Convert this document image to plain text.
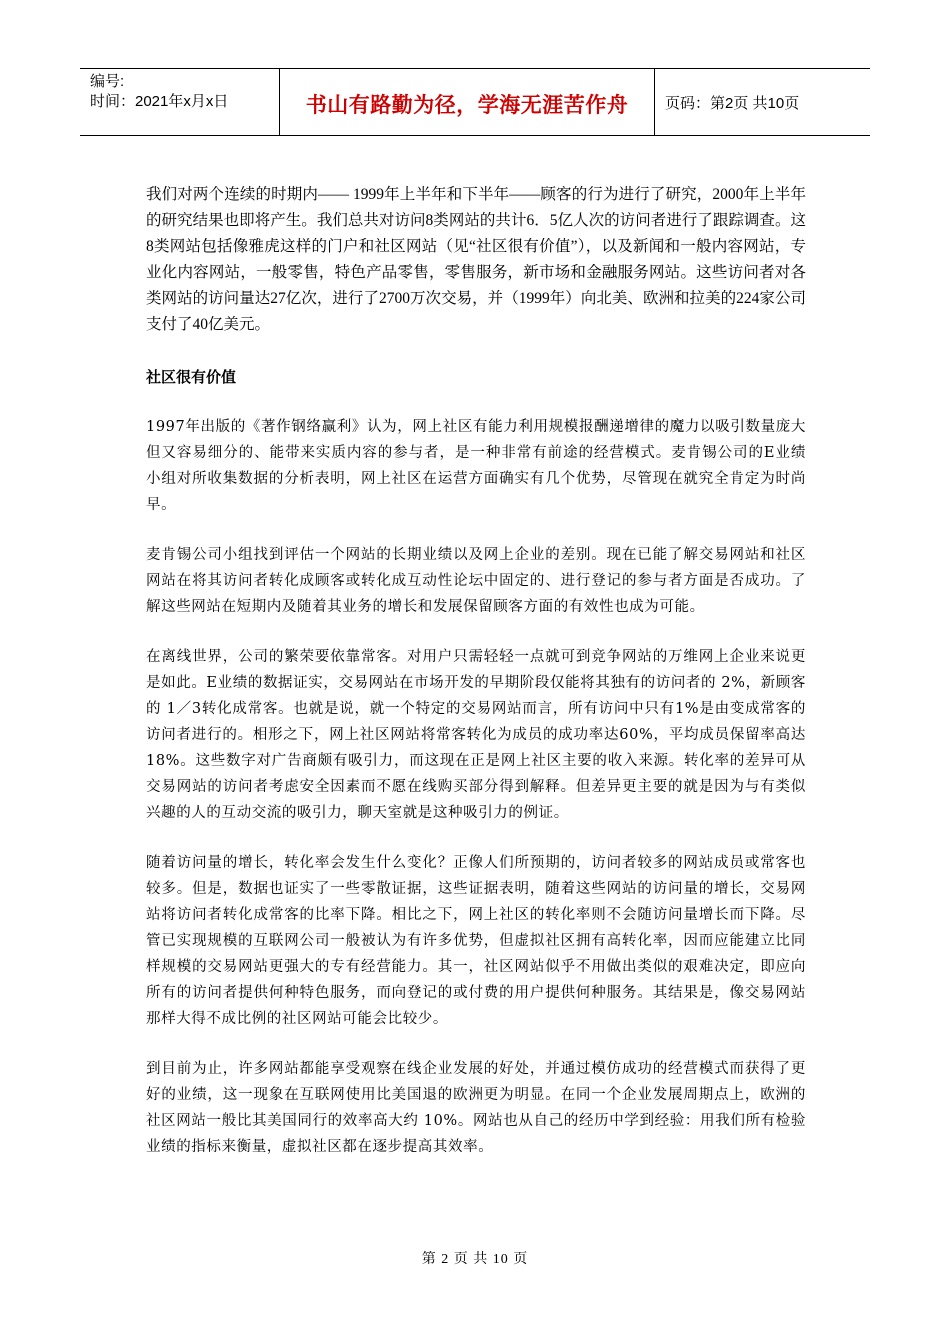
编号:
时间：2021年x月x日	书山有路勤为径，学海无涯苦作舟	页码：第2页 共10页

我们对两个连续的时期内—— 1999年上半年和下半年——顾客的行为进行了研究，2000年上半年的研究结果也即将产生。我们总共对访问8类网站的共计6．5亿人次的访问者进行了跟踪调查。这8类网站包括像雅虎这样的门户和社区网站（见“社区很有价值”），以及新闻和一般内容网站，专业化内容网站，一般零售，特色产品零售，零售服务，新市场和金融服务网站。这些访问者对各类网站的访问量达27亿次，进行了2700万次交易，并（1999年）向北美、欧洲和拉美的224家公司支付了40亿美元。

社区很有价值

1997年出版的《著作钢络赢利》认为，网上社区有能力利用规模报酬递增律的魔力以吸引数量庞大但又容易细分的、能带来实质内容的参与者，是一种非常有前途的经营模式。麦肯锡公司的E业绩小组对所收集数据的分析表明，网上社区在运营方面确实有几个优势，尽管现在就究全肯定为时尚早。

麦肯锡公司小组找到评估一个网站的长期业绩以及网上企业的差别。现在已能了解交易网站和社区网站在将其访问者转化成顾客或转化成互动性论坛中固定的、进行登记的参与者方面是否成功。了解这些网站在短期内及随着其业务的增长和发展保留顾客方面的有效性也成为可能。

在离线世界，公司的繁荣要依靠常客。对用户只需轻轻一点就可到竞争网站的万维网上企业来说更是如此。E业绩的数据证实，交易网站在市场开发的早期阶段仅能将其独有的访问者的 2%，新顾客的 1／3转化成常客。也就是说，就一个特定的交易网站而言，所有访问中只有1%是由变成常客的访问者进行的。相形之下，网上社区网站将常客转化为成员的成功率达60%，平均成员保留率高达18%。这些数字对广告商颇有吸引力，而这现在正是网上社区主要的收入来源。转化率的差异可从交易网站的访问者考虑安全因素而不愿在线购买部分得到解释。但差异更主要的就是因为与有类似兴趣的人的互动交流的吸引力，聊天室就是这种吸引力的例证。

随着访问量的增长，转化率会发生什么变化？正像人们所预期的，访问者较多的网站成员或常客也较多。但是，数据也证实了一些零散证据，这些证据表明，随着这些网站的访问量的增长，交易网站将访问者转化成常客的比率下降。相比之下，网上社区的转化率则不会随访问量增长而下降。尽管已实现规模的互联网公司一般被认为有许多优势，但虚拟社区拥有高转化率，因而应能建立比同样规模的交易网站更强大的专有经营能力。其一，社区网站似乎不用做出类似的艰难决定，即应向所有的访问者提供何种特色服务，而向登记的或付费的用户提供何种服务。其结果是，像交易网站那样大得不成比例的社区网站可能会比较少。

到目前为止，许多网站都能享受观察在线企业发展的好处，并通过模仿成功的经营模式而获得了更好的业绩，这一现象在互联网使用比美国退的欧洲更为明显。在同一个企业发展周期点上，欧洲的社区网站一般比其美国同行的效率高大约 10%。网站也从自己的经历中学到经验：用我们所有检验业绩的指标来衡量，虚拟社区都在逐步提高其效率。

第 2 页 共 10 页
